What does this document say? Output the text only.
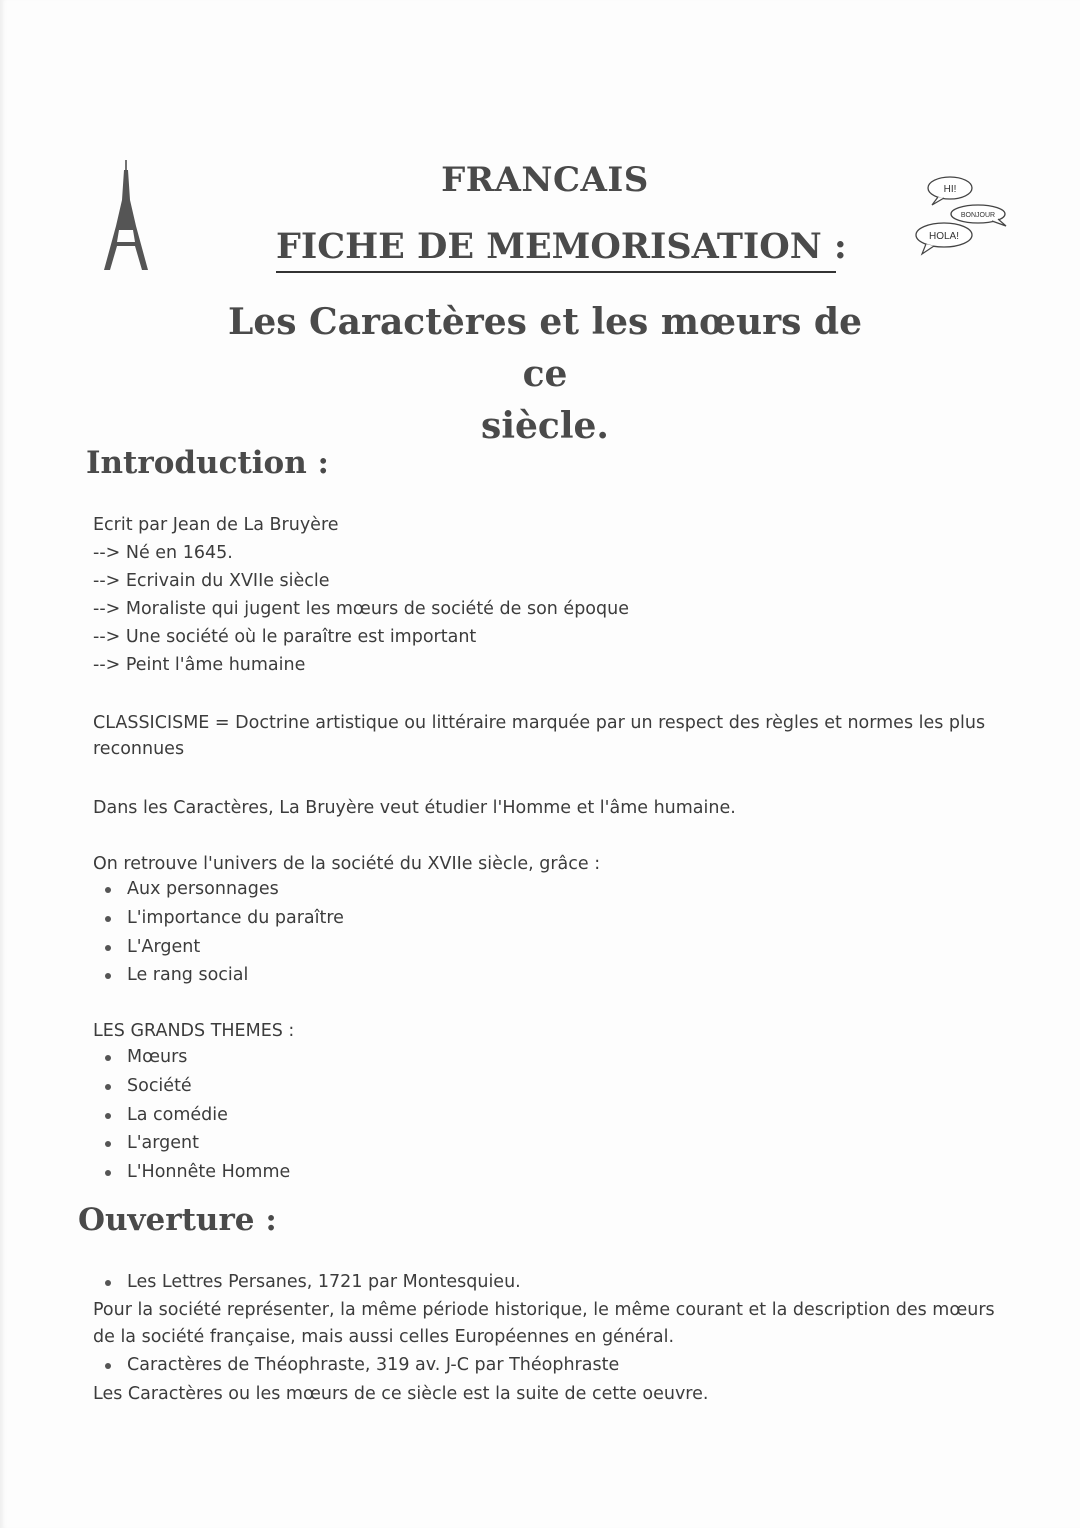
HI!
BONJOUR
HOLA!
FRANCAIS
FICHE DE MEMORISATION :
Les Caractères et les mœurs de ce
siècle.
Introduction :
Ecrit par Jean de La Bruyère
--> Né en 1645.
--> Ecrivain du XVIIe siècle
--> Moraliste qui jugent les mœurs de société de son époque
--> Une société où le paraître est important
--> Peint l'âme humaine
CLASSICISME = Doctrine artistique ou littéraire marquée par un respect des règles et normes les plus reconnues
Dans les Caractères, La Bruyère veut étudier l'Homme et l'âme humaine.
On retrouve l'univers de la société du XVIIe siècle, grâce :
Aux personnages
L'importance du paraître
L'Argent
Le rang social
LES GRANDS THEMES :
Mœurs
Société
La comédie
L'argent
L'Honnête Homme
Ouverture :
Les Lettres Persanes, 1721 par Montesquieu.
Pour la société représenter, la même période historique, le même courant et la description des mœurs de la société française, mais aussi celles Européennes en général.
Caractères de Théophraste, 319 av. J-C par Théophraste
Les Caractères ou les mœurs de ce siècle est la suite de cette oeuvre.
